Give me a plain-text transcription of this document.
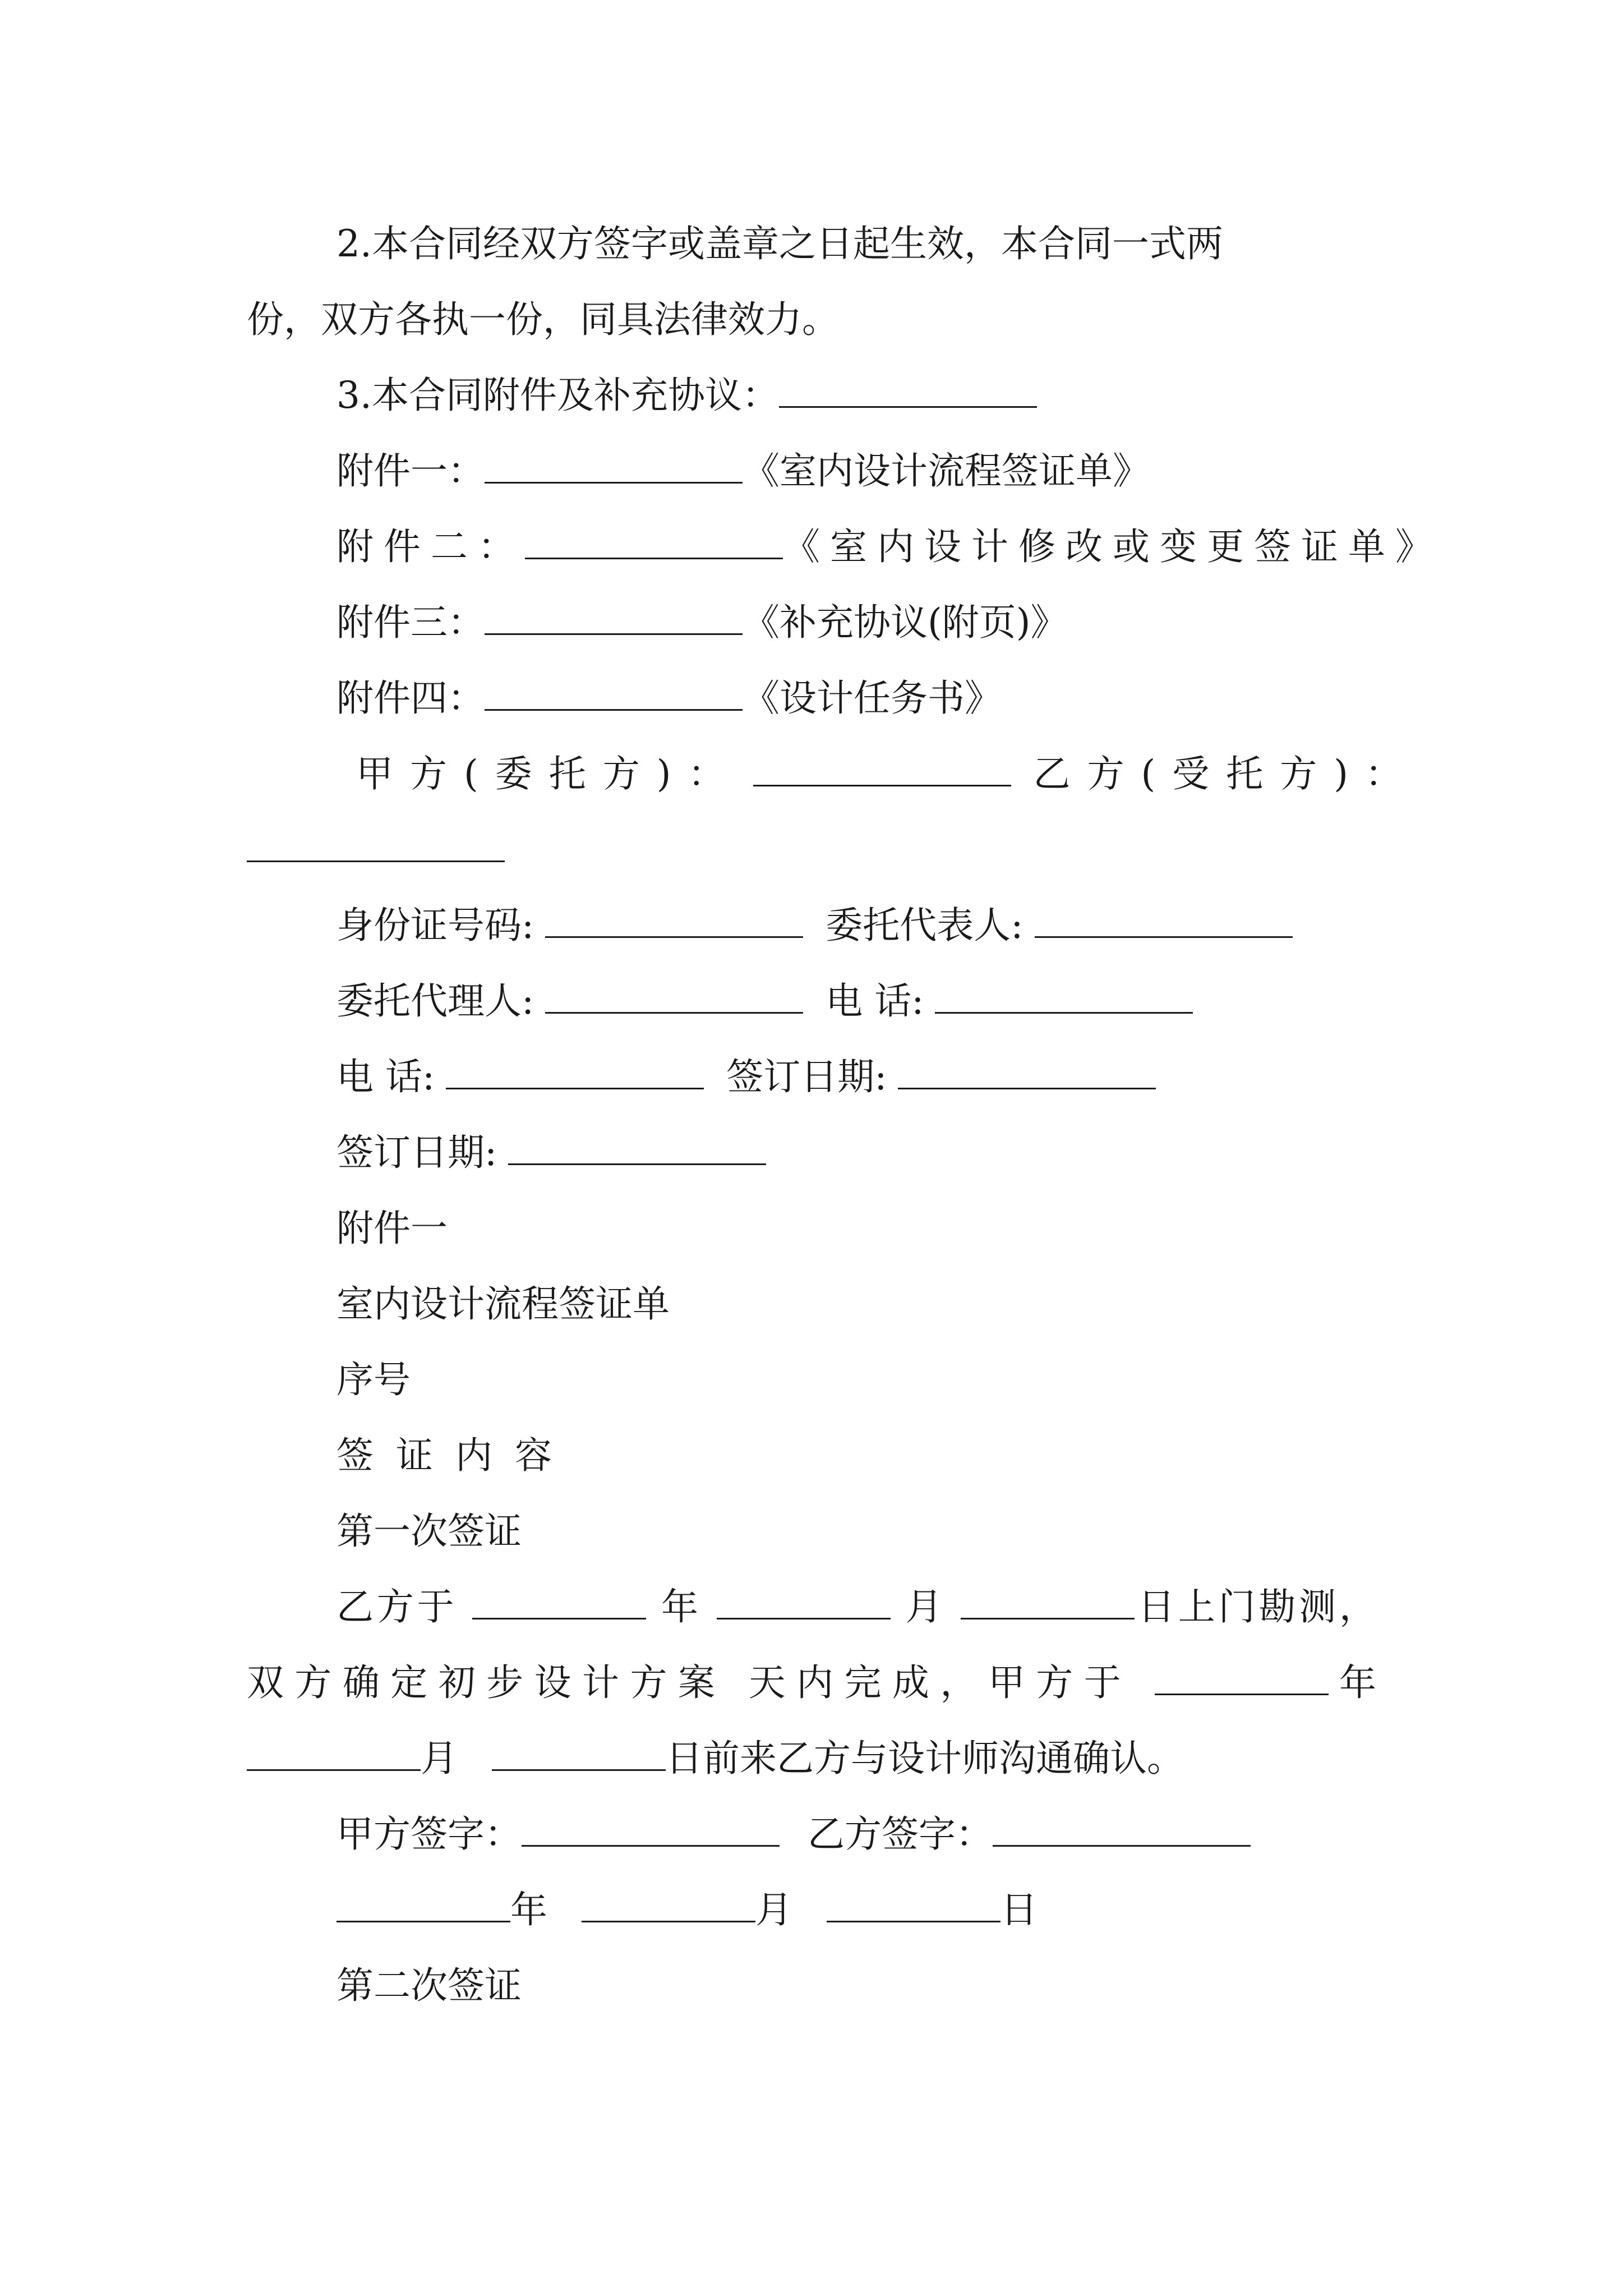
2.本合同经双方签字或盖章之日起生效，本合同一式两
份，双方各执一份，同具法律效力。
3.本合同附件及补充协议：
附件一：	《室内设计流程签证单》
附件二：	《室内设计修改或变更签证单》
附件三：	《补充协议(附页)》
附件四：	《设计任务书》
甲方(委托方)：	乙方(受托方)：
身份证号码:	委托代表人:
委托代理人:	电 话:
电 话:	签订日期:
签订日期:
附件一
室内设计流程签证单
序号
签证内容
第一次签证
乙方于	年	月	日上门勘测，
双方确定初步设计方案 天内完成，甲方于	年
月	日前来乙方与设计师沟通确认。
甲方签字：	乙方签字：
年	月	日
第二次签证
